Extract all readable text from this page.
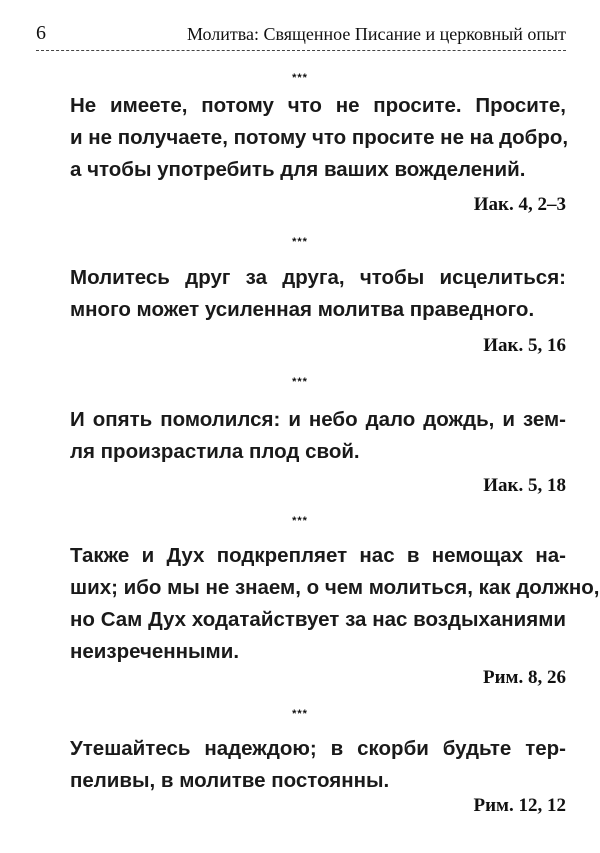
6	Молитва: Священное Писание и церковный опыт
***
Не имеете, потому что не просите. Просите,
и не получаете, потому что просите не на добро,
а чтобы употребить для ваших вожделений.
Иак. 4, 2–3
***
Молитесь друг за друга, чтобы исцелиться:
много может усиленная молитва праведного.
Иак. 5, 16
***
И опять помолился: и небо дало дождь, и зем-
ля произрастила плод свой.
Иак. 5, 18
***
Также и Дух подкрепляет нас в немощах на-
ших; ибо мы не знаем, о чем молиться, как должно,
но Сам Дух ходатайствует за нас воздыханиями
неизреченными.
Рим. 8, 26
***
Утешайтесь надеждою; в скорби будьте тер-
пеливы, в молитве постоянны.
Рим. 12, 12
